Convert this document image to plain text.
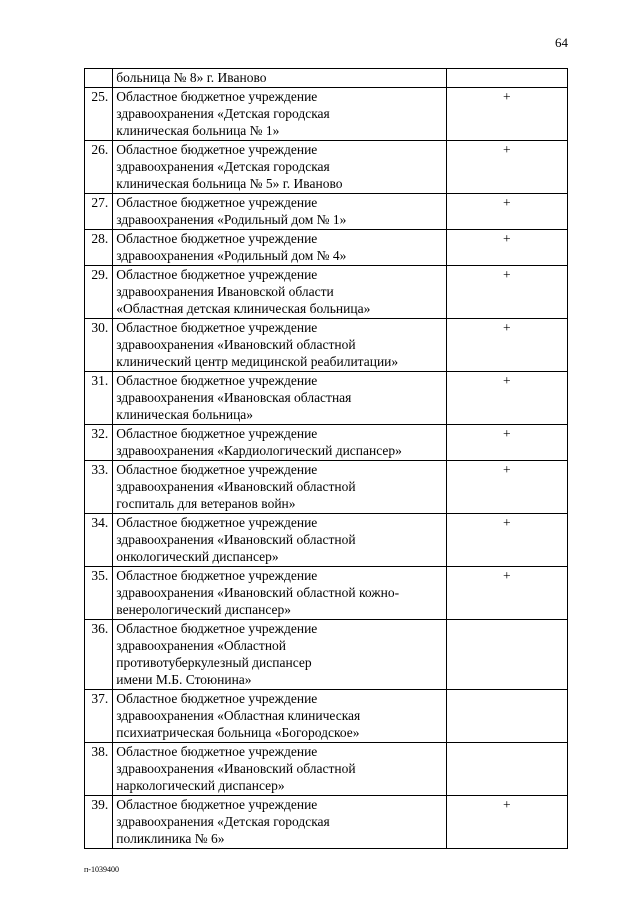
64
	больница № 8» г. Иваново	
25.	Областное бюджетное учреждение
здравоохранения «Детская городская
клиническая больница № 1»	+
26.	Областное бюджетное учреждение
здравоохранения «Детская городская
клиническая больница № 5» г. Иваново	+
27.	Областное бюджетное учреждение
здравоохранения «Родильный дом № 1»	+
28.	Областное бюджетное учреждение
здравоохранения «Родильный дом № 4»	+
29.	Областное бюджетное учреждение
здравоохранения Ивановской области
«Областная детская клиническая больница»	+
30.	Областное бюджетное учреждение
здравоохранения «Ивановский областной
клинический центр медицинской реабилитации»	+
31.	Областное бюджетное учреждение
здравоохранения «Ивановская областная
клиническая больница»	+
32.	Областное бюджетное учреждение
здравоохранения «Кардиологический диспансер»	+
33.	Областное бюджетное учреждение
здравоохранения «Ивановский областной
госпиталь для ветеранов войн»	+
34.	Областное бюджетное учреждение
здравоохранения «Ивановский областной
онкологический диспансер»	+
35.	Областное бюджетное учреждение
здравоохранения «Ивановский областной кожно-
венерологический диспансер»	+
36.	Областное бюджетное учреждение
здравоохранения «Областной
противотуберкулезный диспансер
имени М.Б. Стоюнина»	
37.	Областное бюджетное учреждение
здравоохранения «Областная клиническая
психиатрическая больница «Богородское»	
38.	Областное бюджетное учреждение
здравоохранения «Ивановский областной
наркологический диспансер»	
39.	Областное бюджетное учреждение
здравоохранения «Детская городская
поликлиника № 6»	+
п-1039400
